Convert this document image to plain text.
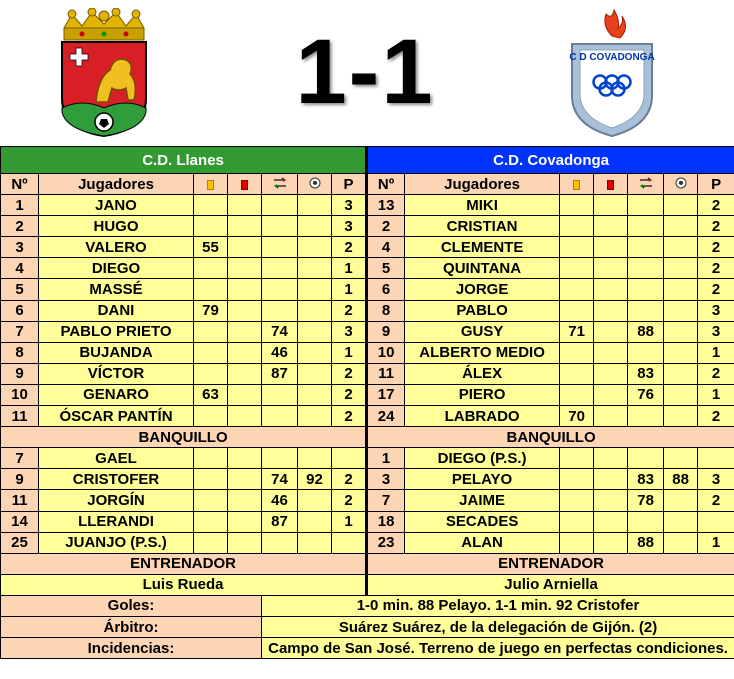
1-1	C D COVADONGA
C.D. Llanes							C.D. Covadonga						
Nº	Jugadores					P	Nº	Jugadores					P
1	JANO					3	13	MIKI					2
2	HUGO					3	2	CRISTIAN					2
3	VALERO	55				2	4	CLEMENTE					2
4	DIEGO					1	5	QUINTANA					2
5	MASSÉ					1	6	JORGE					2
6	DANI	79				2	8	PABLO					3
7	PABLO PRIETO			74		3	9	GUSY	71		88		3
8	BUJANDA			46		1	10	ALBERTO MEDIO					1
9	VÍCTOR			87		2	11	ÁLEX			83		2
10	GENARO	63				2	17	PIERO			76		1
11	ÓSCAR PANTÍN					2	24	LABRADO	70				2
BANQUILLO							BANQUILLO						
7	GAEL						1	DIEGO (P.S.)					
9	CRISTOFER			74	92	2	3	PELAYO			83	88	3
11	JORGÍN			46		2	7	JAIME			78		2
14	LLERANDI			87		1	18	SECADES					
25	JUANJO (P.S.)						23	ALAN			88		1
ENTRENADOR							ENTRENADOR						
Luis Rueda							Julio Arniella						
Goles:				1-0 min. 88 Pelayo. 1-1 min. 92 Cristofer									
Árbitro:				Suárez Suárez, de la delegación de Gijón. (2)									
Incidencias:				Campo de San José. Terreno de juego en perfectas condiciones.									
